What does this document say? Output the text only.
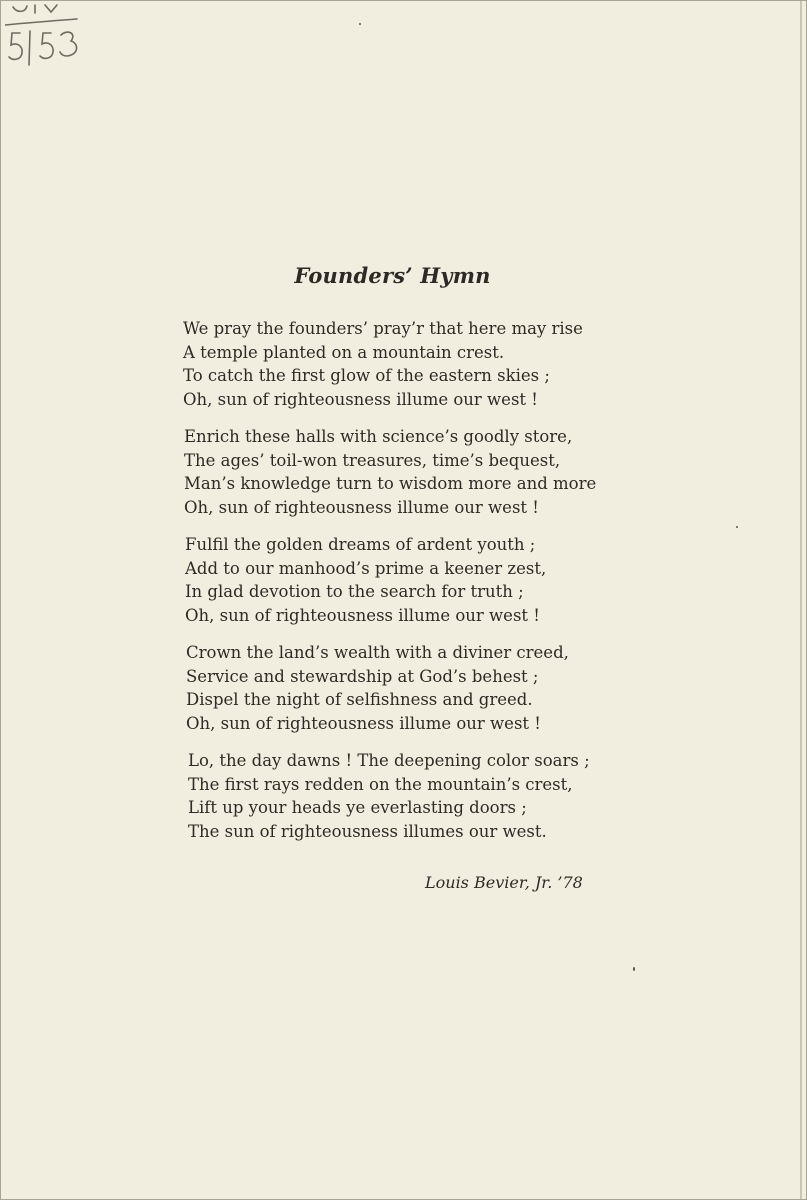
5|53
Founders’ Hymn
We pray the founders’ pray’r that here may rise
A temple planted on a mountain crest.
To catch the first glow of the eastern skies ;
Oh, sun of righteousness illume our west !
Enrich these halls with science’s goodly store,
The ages’ toil-won treasures, time’s bequest,
Man’s knowledge turn to wisdom more and more
Oh, sun of righteousness illume our west !
Fulfil the golden dreams of ardent youth ;
Add to our manhood’s prime a keener zest,
In glad devotion to the search for truth ;
Oh, sun of righteousness illume our west !
Crown the land’s wealth with a diviner creed,
Service and stewardship at God’s behest ;
Dispel the night of selfishness and greed.
Oh, sun of righteousness illume our west !
Lo, the day dawns ! The deepening color soars ;
The first rays redden on the mountain’s crest,
Lift up your heads ye everlasting doors ;
The sun of righteousness illumes our west.
Louis Bevier, Jr. ’78
